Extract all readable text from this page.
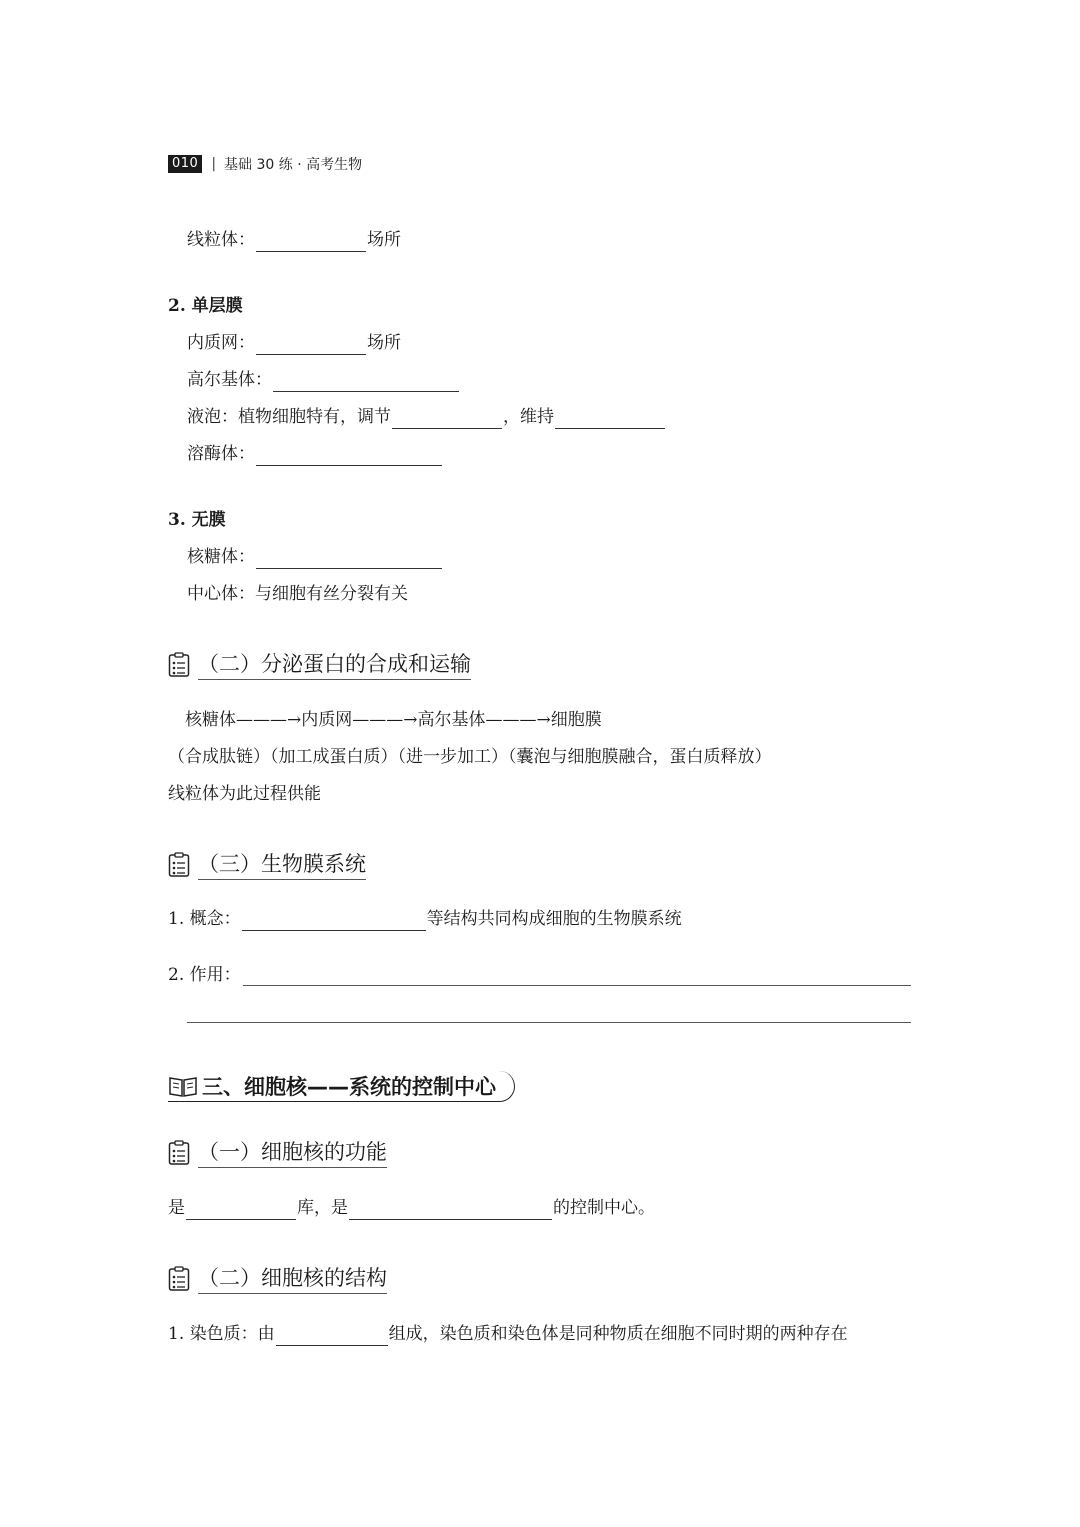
010 | 基础 30 练 · 高考生物
线粒体：	场所
2. 单层膜
内质网：	场所
高尔基体：
液泡：植物细胞特有，调节	，维持
溶酶体：
3. 无膜
核糖体：
中心体：与细胞有丝分裂有关
（二）分泌蛋白的合成和运输
核糖体———→内质网———→高尔基体———→细胞膜
（合成肽链）（加工成蛋白质）（进一步加工）（囊泡与细胞膜融合，蛋白质释放）
线粒体为此过程供能
（三）生物膜系统
1. 概念：	等结构共同构成细胞的生物膜系统
2. 作用：
三、细胞核——系统的控制中心
（一）细胞核的功能
是	库，是	的控制中心。
（二）细胞核的结构
1. 染色质：由	组成，染色质和染色体是同种物质在细胞不同时期的两种存在
